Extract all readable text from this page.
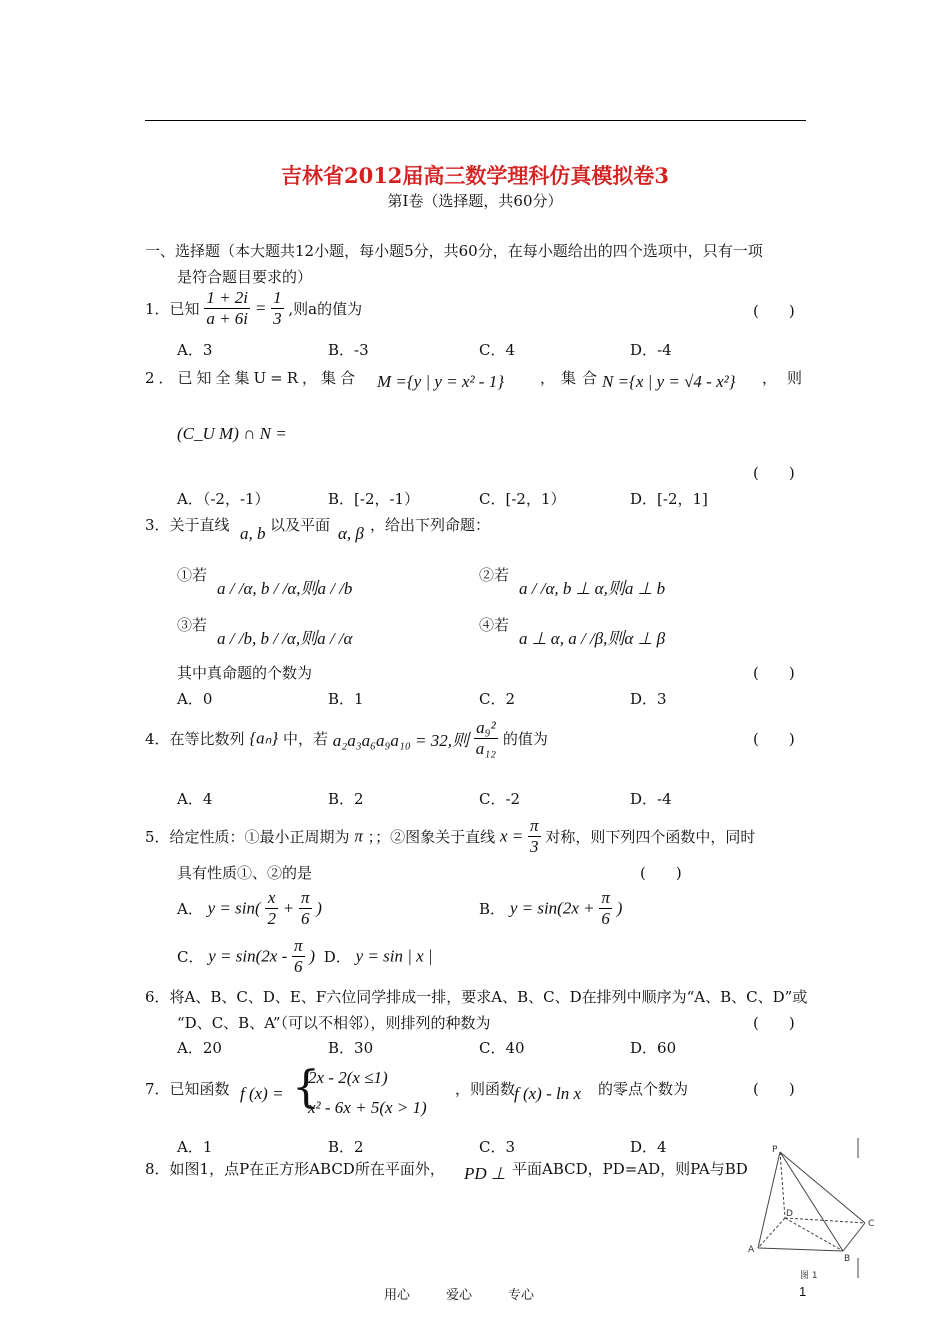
吉林省2012届高三数学理科仿真模拟卷3
第Ⅰ卷（选择题，共60分）
一、选择题（本大题共12小题，每小题5分，共60分，在每小题给出的四个选项中，只有一项
是符合题目要求的）
1．已知 $\frac{1 + 2i}{a + 6i} = \frac{1}{3}$ ,则a的值为	(　　)
A．3	B．-3	C．4	D．-4
2．已知全集U=R，集合 M ={y | y = x² - 1} ，集合
N ={x | y = √4 - x²} ，则
(C_U M) ∩ N =
(　　)
A．（-2，-1）	B．[-2，-1）	C．[-2，1）	D．[-2，1]
3．关于直线 a, b 以及平面 α, β ，给出下列命题：
①若
a / /α, b / /α,则a / /b
②若
a / /α, b ⊥ α,则a ⊥ b
③若
a / /b, b / /α,则a / /α
④若
a ⊥ α, a / /β,则α ⊥ β
其中真命题的个数为	(　　)
A．0	B．1	C．2	D．3
4．在等比数列 {aₙ} 中，若 a₂a₃a₆a₉a₁₀ = 32,则 $\frac{\text{a₉²}}{\text{a₁₂}}$ 的值为	(　　)
A．4	B．2	C．-2	D．-4
5．给定性质：①最小正周期为 π ；；②图象关于直线 $x = \frac{\pi}{3}$ 对称，则下列四个函数中，同时
具有性质①、②的是	(　　)
A． $y = \sin( \frac{x}{2} + \frac{\pi}{6}$ )	B． $y = \sin(2x + \frac{\pi}{6}$ )
C． $y = \sin(2x - \frac{\pi}{6}$ ) D． y = sin | x |
6．将A、B、C、D、E、F六位同学排成一排，要求A、B、C、D在排列中顺序为“A、B、C、D”或
“D、C、B、A”（可以不相邻），则排列的种数为	(　　)
A．20	B．30	C．40	D．60
7．已知函数 f (x) = {
2x - 2(x ≤1)
x² - 6x + 5(x > 1)
，则函数
f (x) - ln x 的零点个数为	(　　)
A．1	B．2	C．3	D．4
8．如图1，点P在正方形ABCD所在平面外， PD ⊥ 平面ABCD，PD=AD，则PA与BD
P
D
C
A
B
图 1
用心	爱心	专心	1
